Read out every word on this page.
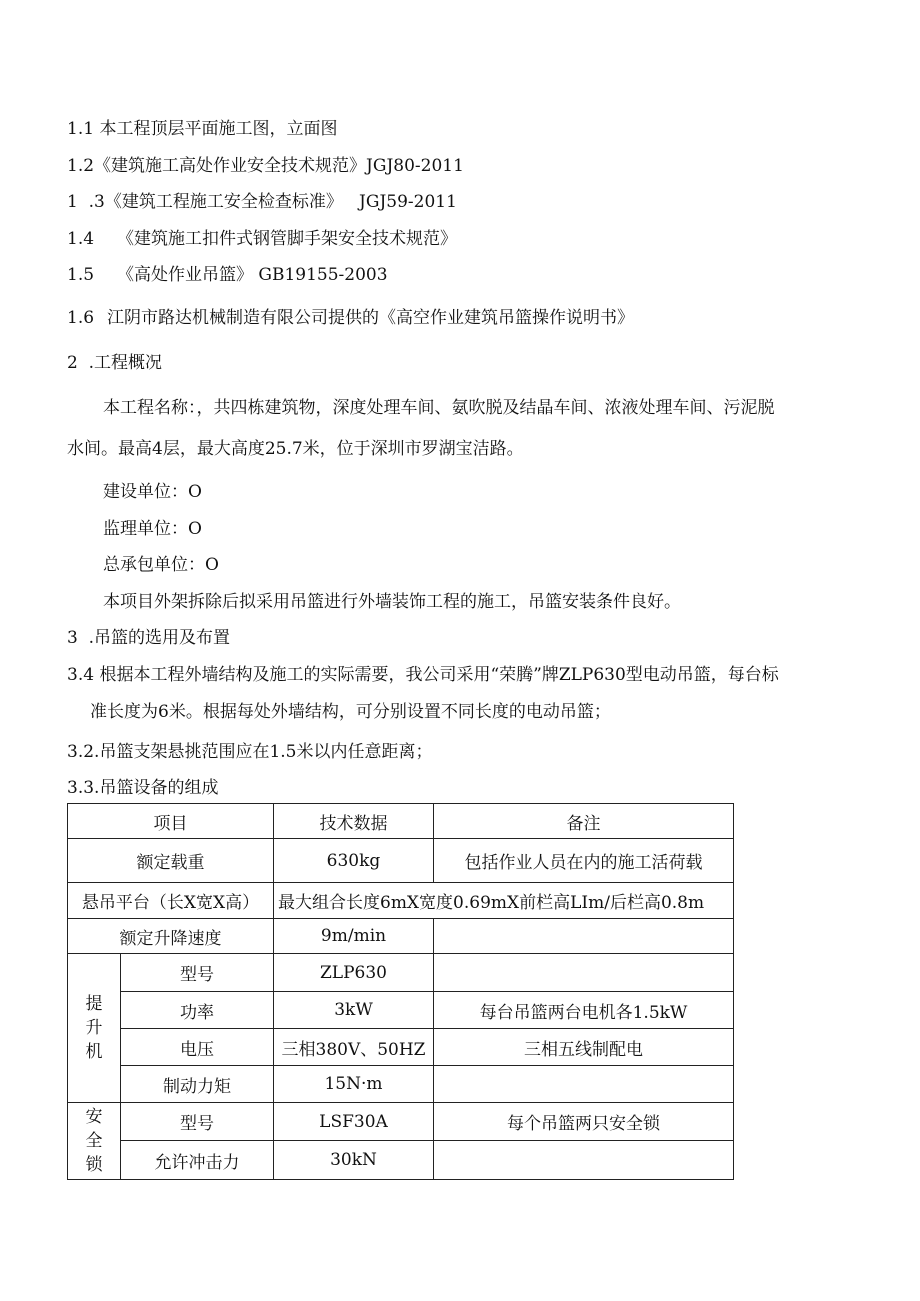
1.1 本工程顶层平面施工图，立面图
1.2《建筑施工高处作业安全技术规范》JGJ80-2011
1  .3《建筑工程施工安全检查标准》   JGJ59-2011
1.4 《建筑施工扣件式钢管脚手架安全技术规范》
1.5 《高处作业吊篮》 GB19155-2003
1.6 江阴市路达机械制造有限公司提供的《高空作业建筑吊篮操作说明书》
2  .工程概况
本工程名称：，共四栋建筑物，深度处理车间、氨吹脱及结晶车间、浓液处理车间、污泥脱
水间。最高4层，最大高度25.7米，位于深圳市罗湖宝洁路。
建设单位：O
监理单位：O
总承包单位：O
本项目外架拆除后拟采用吊篮进行外墙装饰工程的施工，吊篮安装条件良好。
3  .吊篮的选用及布置
3.4 根据本工程外墙结构及施工的实际需要，我公司采用“荣腾”牌ZLP630型电动吊篮，每台标
准长度为6米。根据每处外墙结构，可分别设置不同长度的电动吊篮；
3.2.吊篮支架悬挑范围应在1.5米以内任意距离；
3.3.吊篮设备的组成
项目		技术数据	备注
额定载重		630kg	包括作业人员在内的施工活荷载
悬吊平台（长X宽X高）		最大组合长度6mX宽度0.69mX前栏高LIm/后栏高0.8m	
额定升降速度		9m/min	

提
升
机	型号	ZLP630	
	功率	3kW	每台吊篮两台电机各1.5kW
	电压	三相380V、50HZ	三相五线制配电
	制动力矩	15N·m	

安
全
锁	型号	LSF30A	每个吊篮两只安全锁
	允许冲击力	30kN	
